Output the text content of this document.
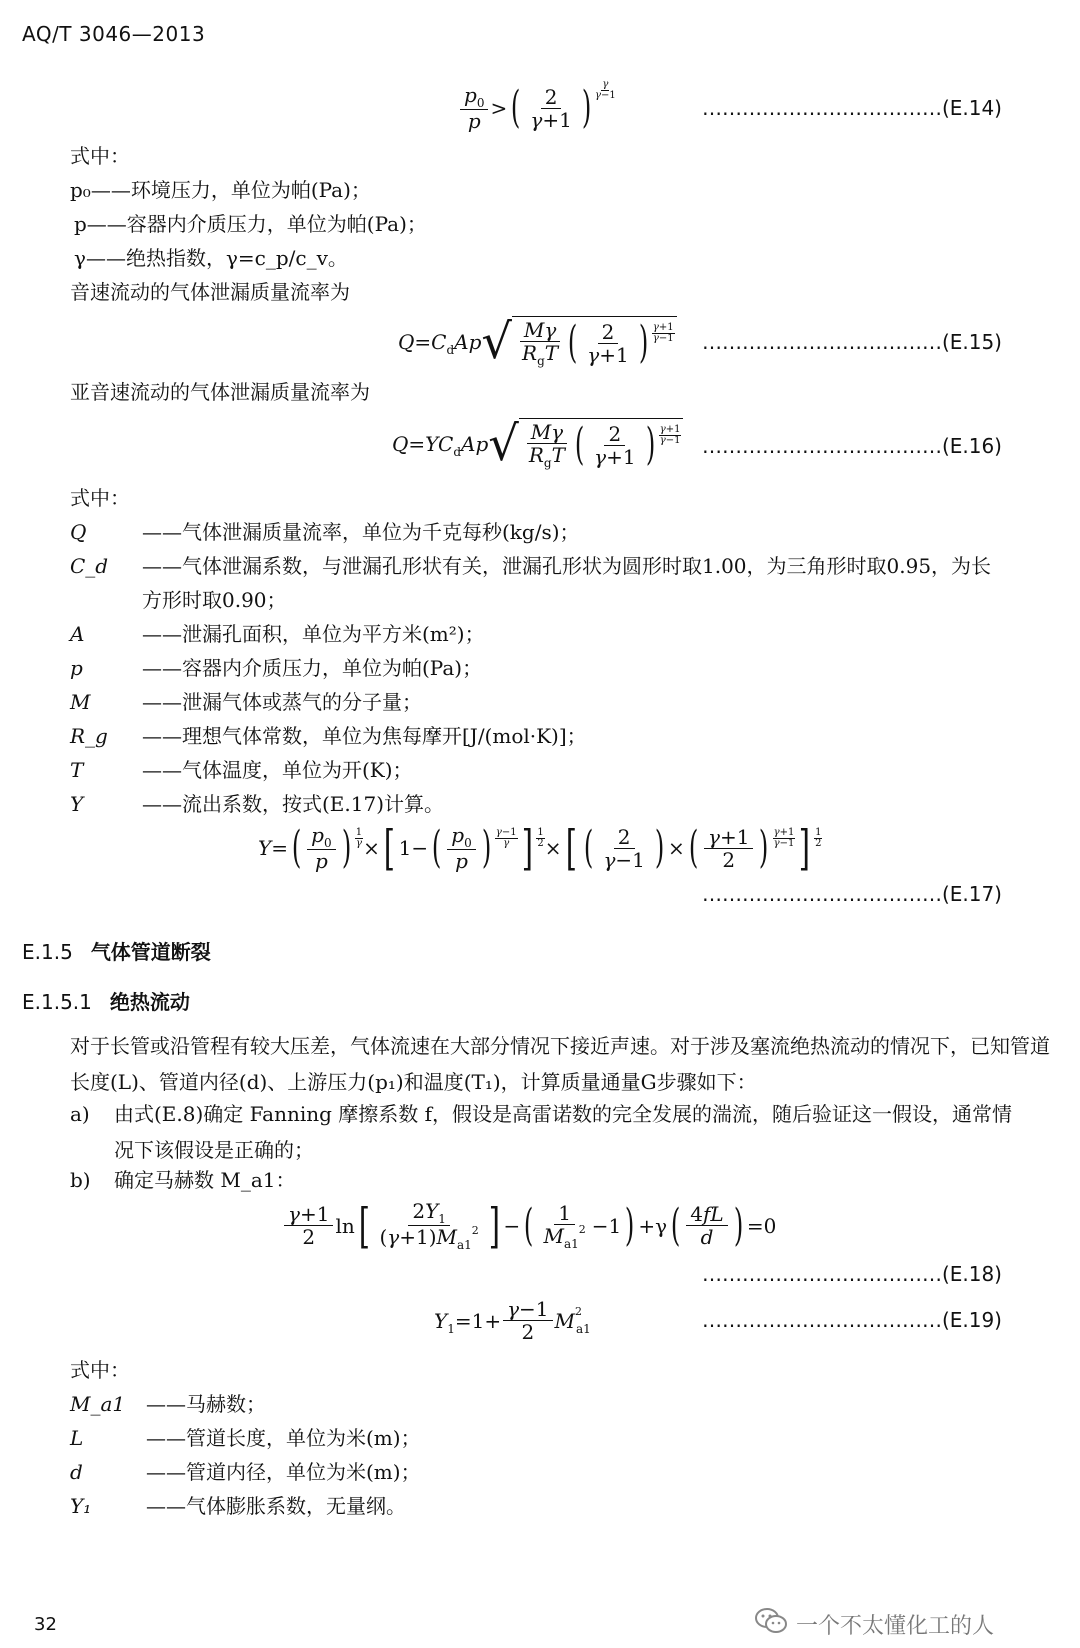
AQ/T 3046—2013
$\frac{p_0}{p}$ > ( $\frac{2}{\gamma+1}$ ) γ
γ−1
………………………………(E.14)
式中：
p₀——环境压力，单位为帕(Pa)；
p——容器内介质压力，单位为帕(Pa)；
γ——绝热指数，γ=c_p/c_v。
音速流动的气体泄漏质量流率为
$Q=C_dAp$ √ $\frac{M\gamma}{R_gT}$ ( $\frac{2}{\gamma+1}$ ) γ+1
γ−1 ………………………………(E.15)
亚音速流动的气体泄漏质量流率为
$Q=YC_dAp$ √ $\frac{M\gamma}{R_gT}$ ( $\frac{2}{\gamma+1}$ ) γ+1
γ−1 ………………………………(E.16)
式中：
Q	——气体泄漏质量流率，单位为千克每秒(kg/s)；
C_d ——气体泄漏系数，与泄漏孔形状有关，泄漏孔形状为圆形时取1.00，为三角形时取0.95，为长
方形时取0.90；
A	——泄漏孔面积，单位为平方米(m²)；
p	——容器内介质压力，单位为帕(Pa)；
M	——泄漏气体或蒸气的分子量；
R_g ——理想气体常数，单位为焦每摩开[J/(mol·K)]；
T	——气体温度，单位为开(K)；
Y	——流出系数，按式(E.17)计算。
Y= ( $\frac{p_0}{p}$ ) $\frac{1}{\gamma}$ × [ 1− ( $\frac{p_0}{p}$ ) γ−1
γ ] $\frac{1}{2}$ × [ ( $\frac{2}{\gamma-1}$ ) × ( $\frac{\gamma+1}{2}$ ) γ+1
γ−1 ] 1
2
………………………………(E.17)
E.1.5 气体管道断裂
E.1.5.1 绝热流动
对于长管或沿管程有较大压差，气体流速在大部分情况下接近声速。对于涉及塞流绝热流动的情况下，已知管道长度(L)、管道内径(d)、上游压力(p₁)和温度(T₁)，计算质量通量G步骤如下：
a) 由式(E.8)确定 Fanning 摩擦系数 f，假设是高雷诺数的完全发展的湍流，随后验证这一假设，通常情况下该假设是正确的；
b) 确定马赫数 M_a1：
$\frac{\gamma+1}{2}$ ln [ $\frac{2Y_1}{(\gamma+1)M_{a1}^2}$ ] − ( $\frac{1}{M_{a1}^2} -1$ ) +γ ( $\frac{4fL}{d}$ ) =0
………………………………(E.18)
$Y_1=1+ \frac{\gamma-1}{2} M^2_{a1}$	………………………………(E.19)
式中：
M_a1 ——马赫数；
L	——管道长度，单位为米(m)；
d	——管道内径，单位为米(m)；
Y₁	——气体膨胀系数，无量纲。
32	一个不太懂化工的人
